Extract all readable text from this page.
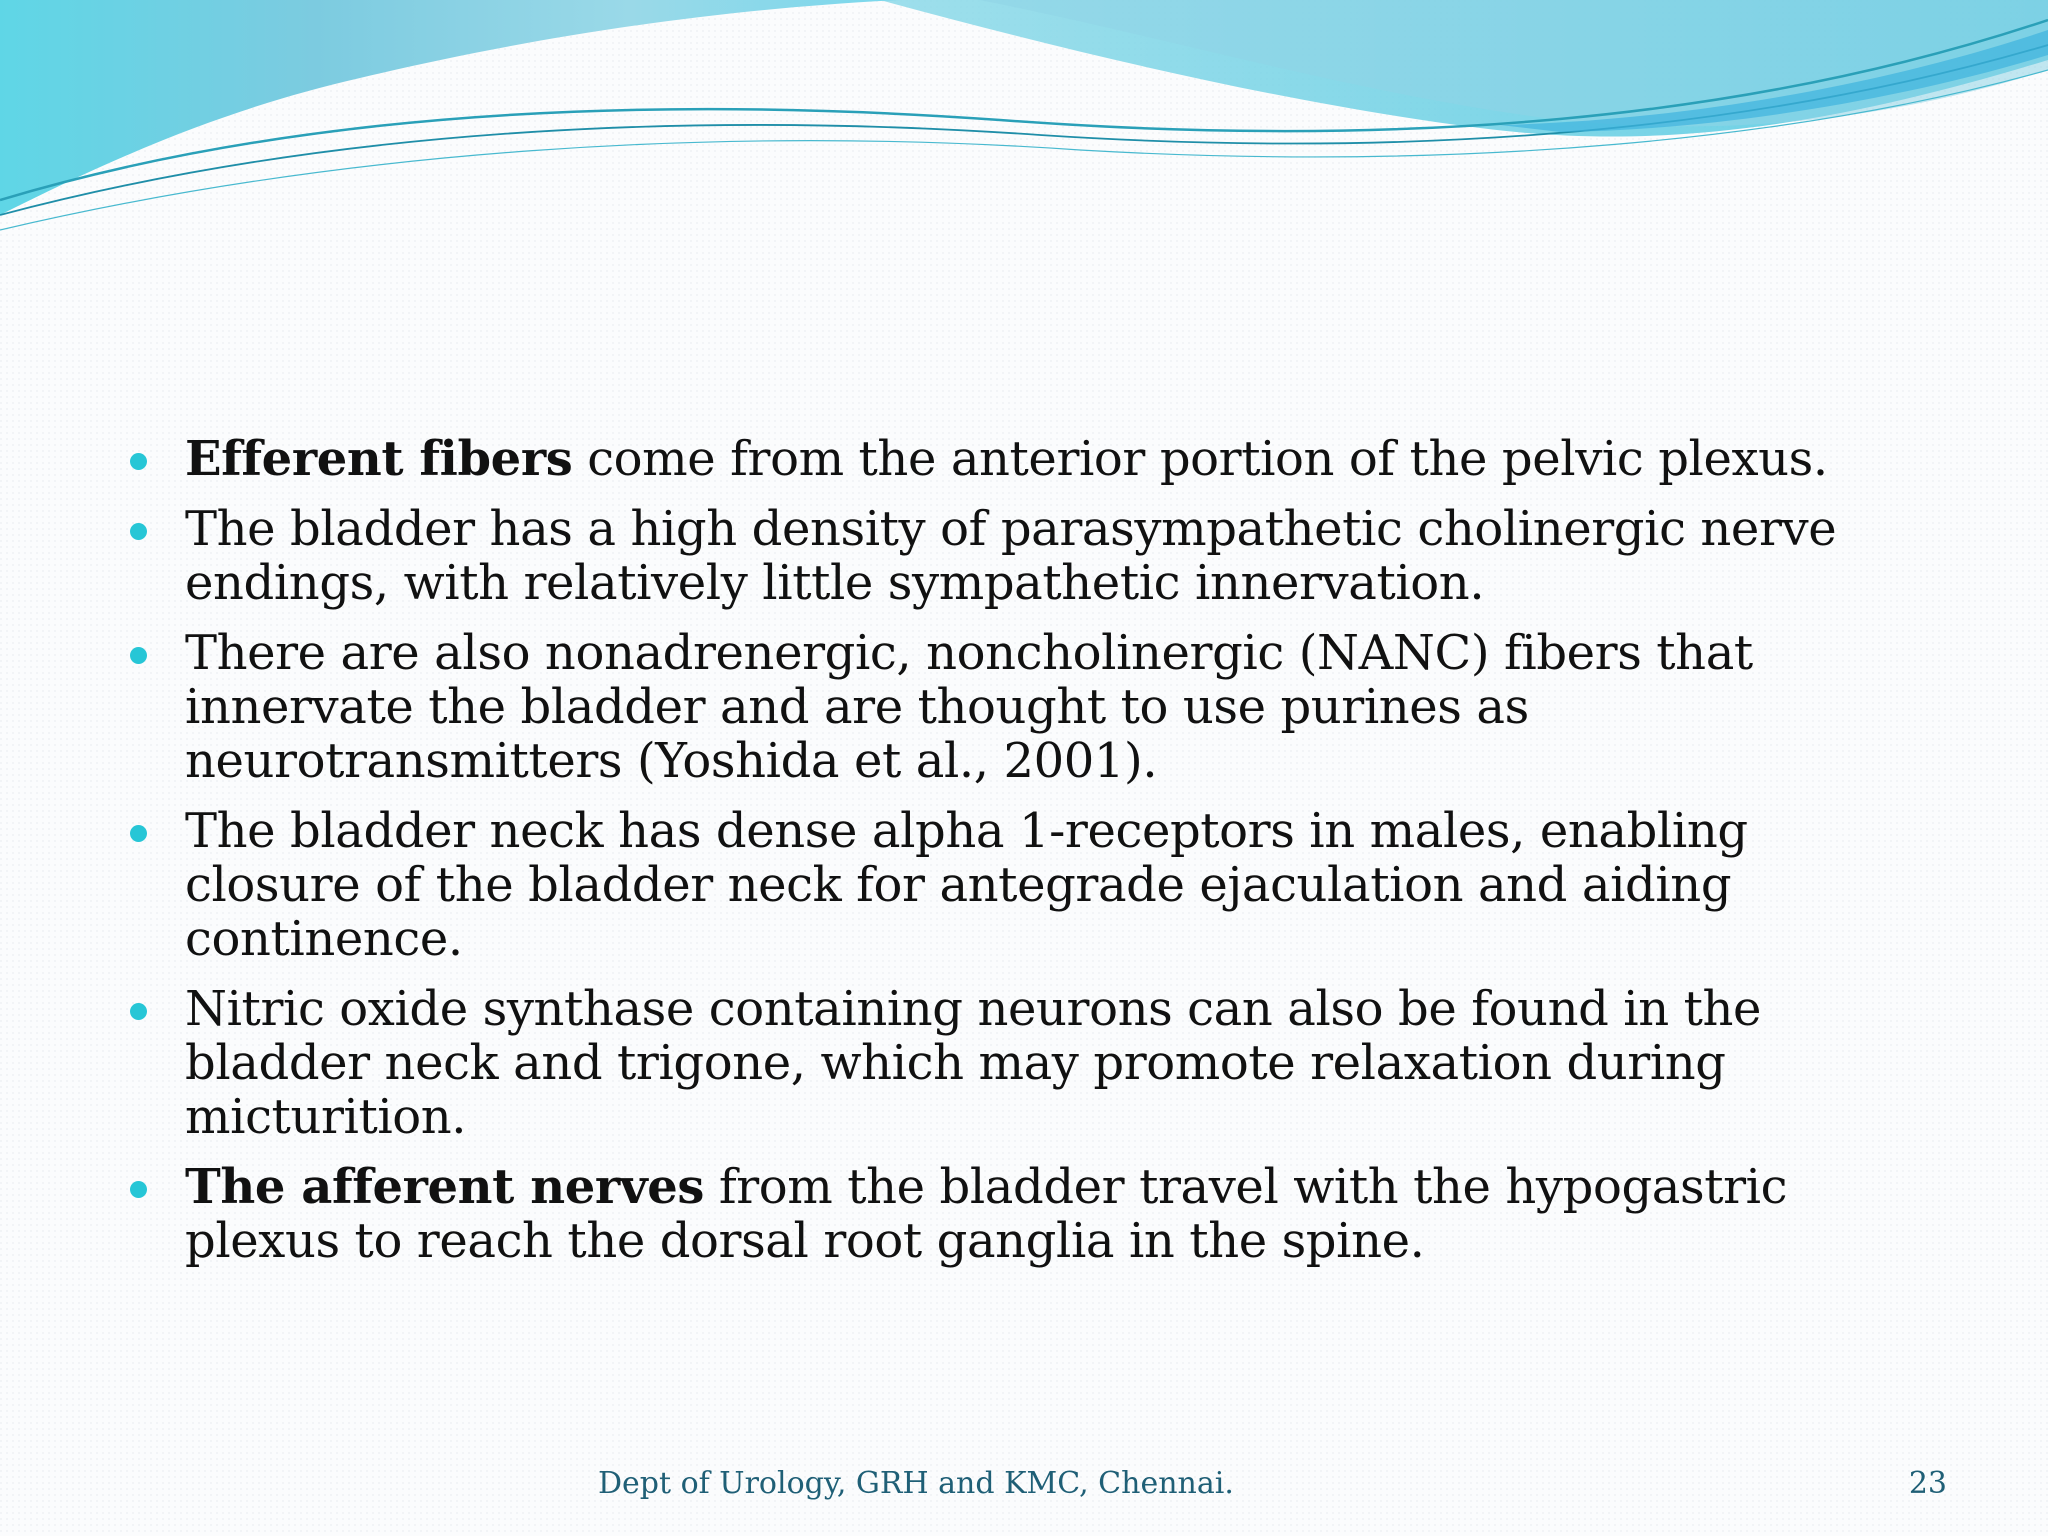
Efferent fibers come from the anterior portion of the pelvic plexus.
The bladder has a high density of parasympathetic cholinergic nerve endings, with relatively little sympathetic innervation.
There are also nonadrenergic, noncholinergic (NANC) fibers that innervate the bladder and are thought to use purines as neurotransmitters (Yoshida et al., 2001).
The bladder neck has dense alpha 1-receptors in males, enabling closure of the bladder neck for antegrade ejaculation and aiding continence.
Nitric oxide synthase containing neurons can also be found in the bladder neck and trigone, which may promote relaxation during micturition.
The afferent nerves from the bladder travel with the hypogastric plexus to reach the dorsal root ganglia in the spine.
Dept of Urology, GRH and KMC, Chennai.	23
